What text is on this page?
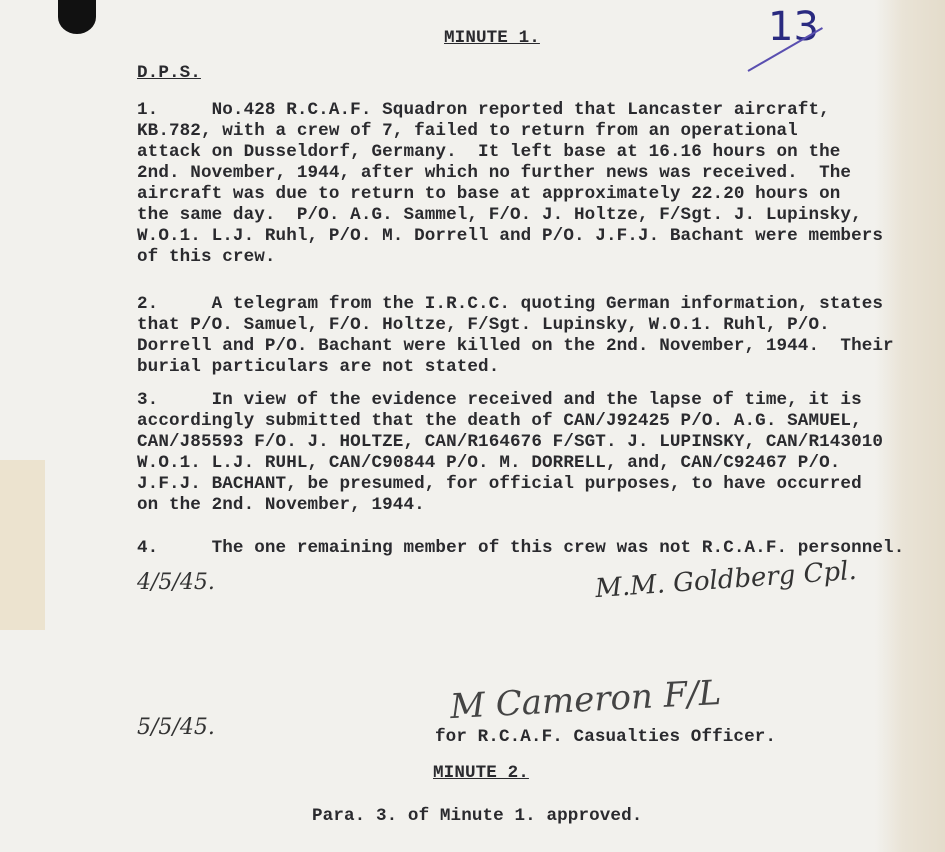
13
MINUTE 1.
D.P.S.
1.     No.428 R.C.A.F. Squadron reported that Lancaster aircraft,
KB.782, with a crew of 7, failed to return from an operational
attack on Dusseldorf, Germany.  It left base at 16.16 hours on the
2nd. November, 1944, after which no further news was received.  The
aircraft was due to return to base at approximately 22.20 hours on
the same day.  P/O. A.G. Sammel, F/O. J. Holtze, F/Sgt. J. Lupinsky,
W.O.1. L.J. Ruhl, P/O. M. Dorrell and P/O. J.F.J. Bachant were members
of this crew.
2.     A telegram from the I.R.C.C. quoting German information, states
that P/O. Samuel, F/O. Holtze, F/Sgt. Lupinsky, W.O.1. Ruhl, P/O.
Dorrell and P/O. Bachant were killed on the 2nd. November, 1944.  Their
burial particulars are not stated.
3.     In view of the evidence received and the lapse of time, it is
accordingly submitted that the death of CAN/J92425 P/O. A.G. SAMUEL,
CAN/J85593 F/O. J. HOLTZE, CAN/R164676 F/SGT. J. LUPINSKY, CAN/R143010
W.O.1. L.J. RUHL, CAN/C90844 P/O. M. DORRELL, and, CAN/C92467 P/O.
J.F.J. BACHANT, be presumed, for official purposes, to have occurred
on the 2nd. November, 1944.
4.     The one remaining member of this crew was not R.C.A.F. personnel.
4/5/45.	M.M. Goldberg Cpl.
M Cameron F/L
5/5/45.	for R.C.A.F. Casualties Officer.
MINUTE 2.
Para. 3. of Minute 1. approved.
